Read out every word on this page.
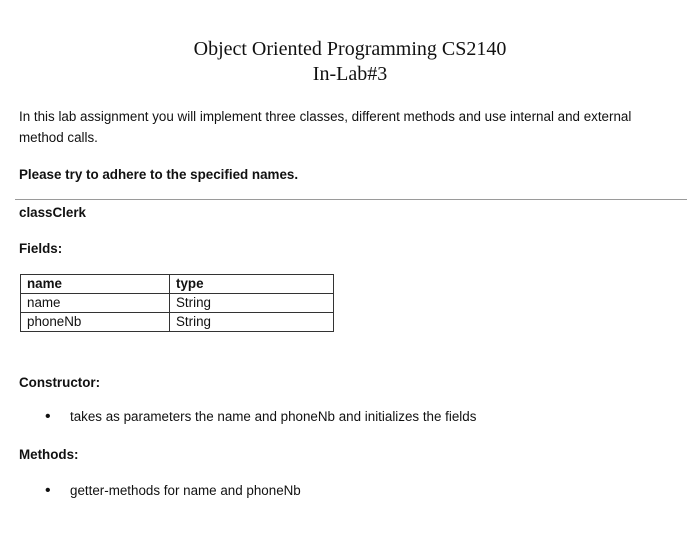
Object Oriented Programming CS2140
In-Lab#3
In this lab assignment you will implement three classes, different methods and use internal and external
method calls.
Please try to adhere to the specified names.
classClerk
Fields:
name	type
name	String
phoneNb	String
Constructor:
• takes as parameters the name and phoneNb and initializes the fields
Methods:
• getter-methods for name and phoneNb
